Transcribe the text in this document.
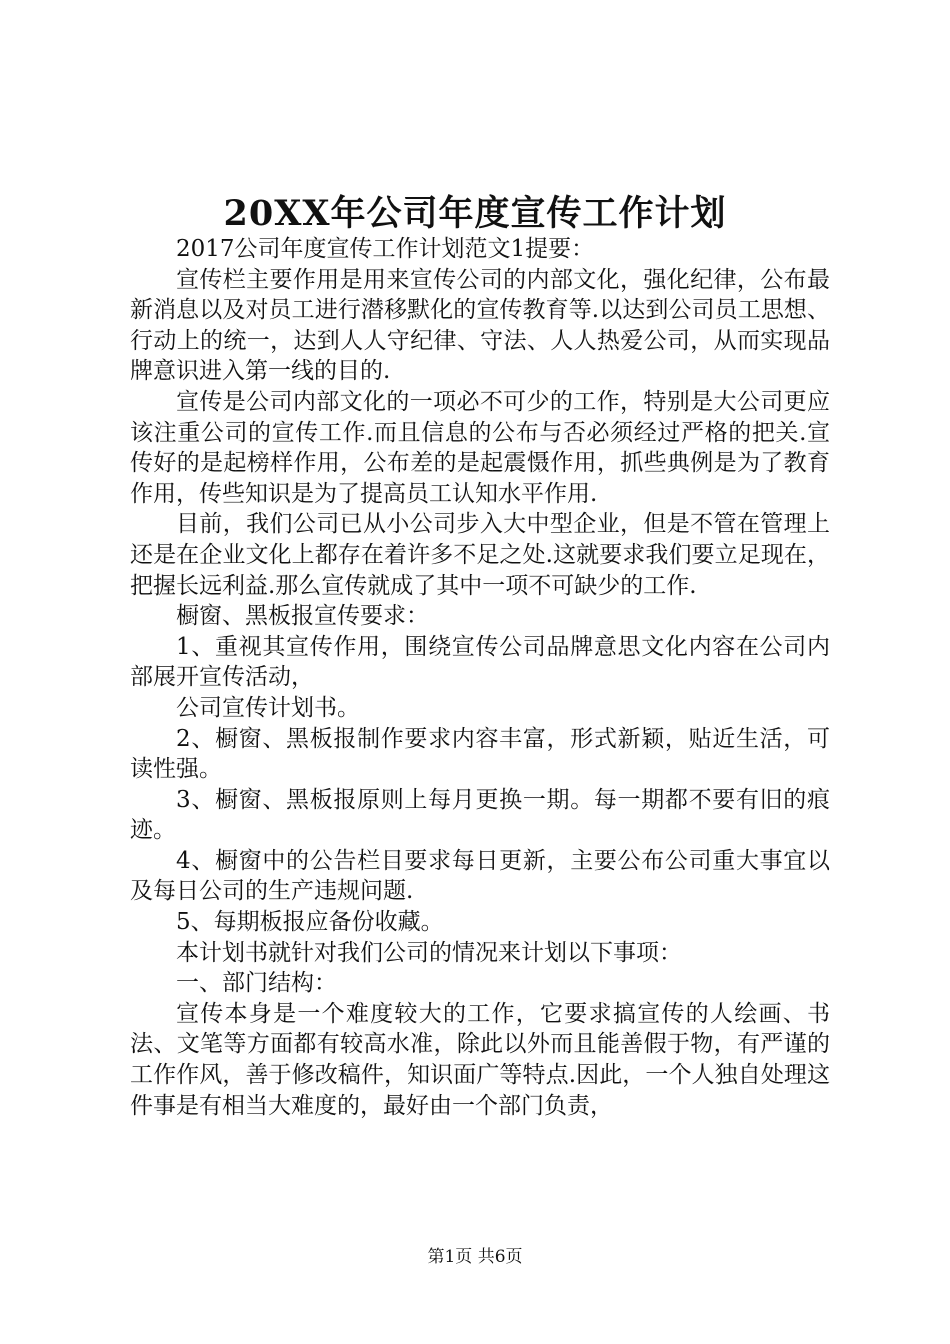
20XX年公司年度宣传工作计划

2017公司年度宣传工作计划范文1提要：

宣传栏主要作用是用来宣传公司的内部文化，强化纪律，公布最新消息以及对员工进行潜移默化的宣传教育等.以达到公司员工思想、行动上的统一，达到人人守纪律、守法、人人热爱公司，从而实现品牌意识进入第一线的目的.

宣传是公司内部文化的一项必不可少的工作，特别是大公司更应该注重公司的宣传工作.而且信息的公布与否必须经过严格的把关.宣传好的是起榜样作用，公布差的是起震慑作用，抓些典例是为了教育作用，传些知识是为了提高员工认知水平作用.

目前，我们公司已从小公司步入大中型企业，但是不管在管理上还是在企业文化上都存在着许多不足之处.这就要求我们要立足现在，把握长远利益.那么宣传就成了其中一项不可缺少的工作.

橱窗、黑板报宣传要求：

1、重视其宣传作用，围绕宣传公司品牌意思文化内容在公司内部展开宣传活动，

公司宣传计划书。

2、橱窗、黑板报制作要求内容丰富，形式新颖，贴近生活，可读性强。

3、橱窗、黑板报原则上每月更换一期。每一期都不要有旧的痕迹。

4、橱窗中的公告栏目要求每日更新，主要公布公司重大事宜以及每日公司的生产违规问题.

5、每期板报应备份收藏。

本计划书就针对我们公司的情况来计划以下事项：

一、部门结构：

宣传本身是一个难度较大的工作，它要求搞宣传的人绘画、书法、文笔等方面都有较高水准，除此以外而且能善假于物，有严谨的工作作风，善于修改稿件，知识面广等特点.因此，一个人独自处理这件事是有相当大难度的，最好由一个部门负责，

第1页 共6页
